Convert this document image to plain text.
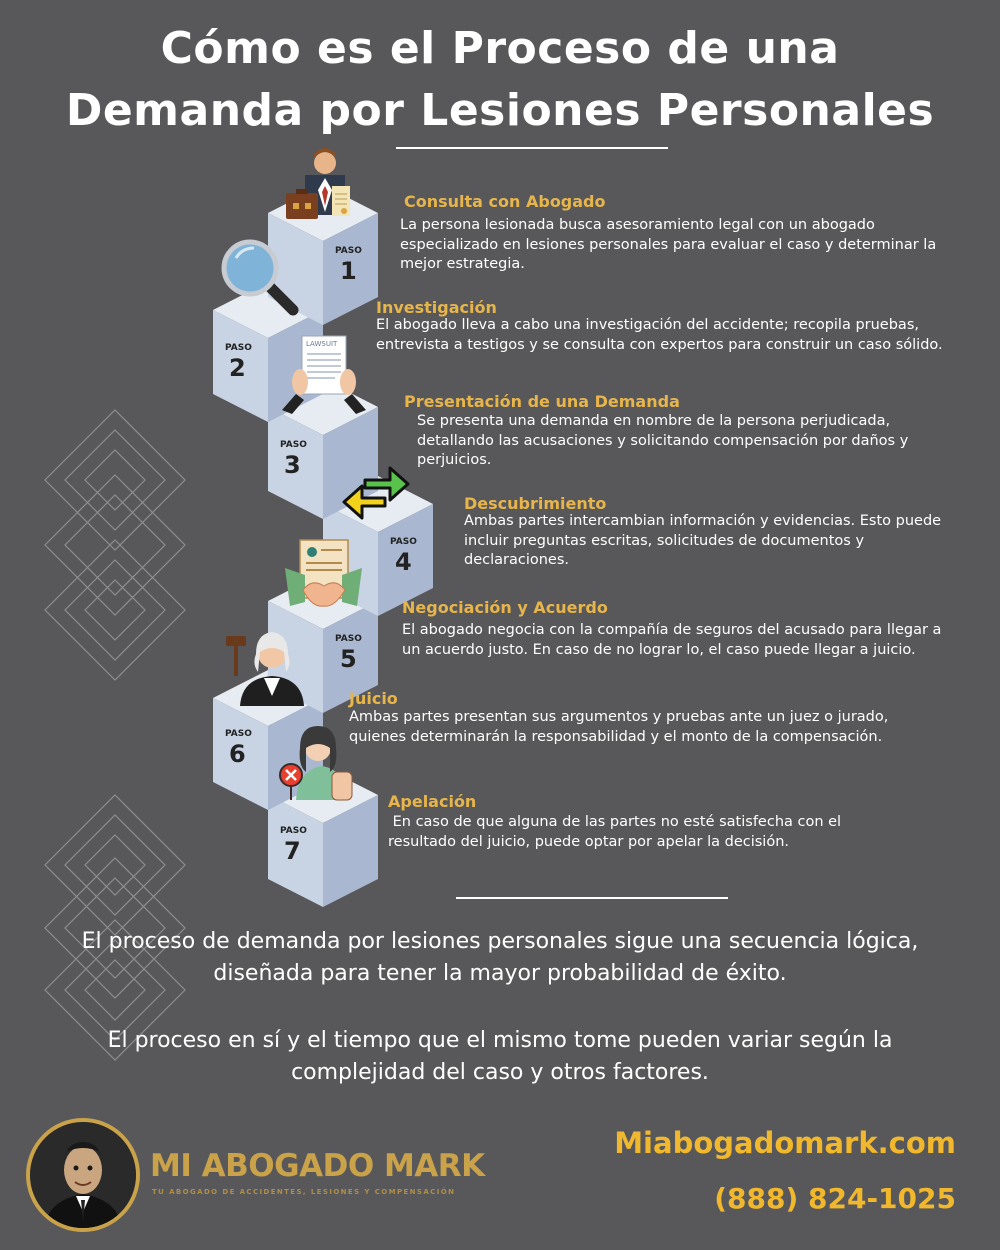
Cómo es el Proceso de una
Demanda por Lesiones Personales
PASO
7
PASO
6
PASO
5
PASO
4
PASO
3
PASO
2
PASO
1
LAWSUIT
Consulta con Abogado
La persona lesionada busca asesoramiento legal con un abogado especializado en lesiones personales para evaluar el caso y determinar la mejor estrategia.
Investigación
El abogado lleva a cabo una investigación del accidente; recopila pruebas, entrevista a testigos y se consulta con expertos para construir un caso sólido.
Presentación de una Demanda
Se presenta una demanda en nombre de la persona perjudicada, detallando las acusaciones y solicitando compensación por daños y perjuicios.
Descubrimiento
Ambas partes intercambian información y evidencias. Esto puede incluir preguntas escritas, solicitudes de documentos y declaraciones.
Negociación y Acuerdo
El abogado negocia con la compañía de seguros del acusado para llegar a un acuerdo justo. En caso de no lograr lo, el caso puede llegar a juicio.
Juicio
Ambas partes presentan sus argumentos y pruebas ante un juez o jurado, quienes determinarán la responsabilidad y el monto de la compensación.
Apelación
En caso de que alguna de las partes no esté satisfecha con el resultado del juicio, puede optar por apelar la decisión.
El proceso de demanda por lesiones personales sigue una secuencia lógica, diseñada para tener la mayor probabilidad de éxito.
El proceso en sí y el tiempo que el mismo tome pueden variar según la complejidad del caso y otros factores.
MI ABOGADO MARK
TU ABOGADO DE ACCIDENTES, LESIONES Y COMPENSACIÓN
Miabogadomark.com
(888) 824-1025
